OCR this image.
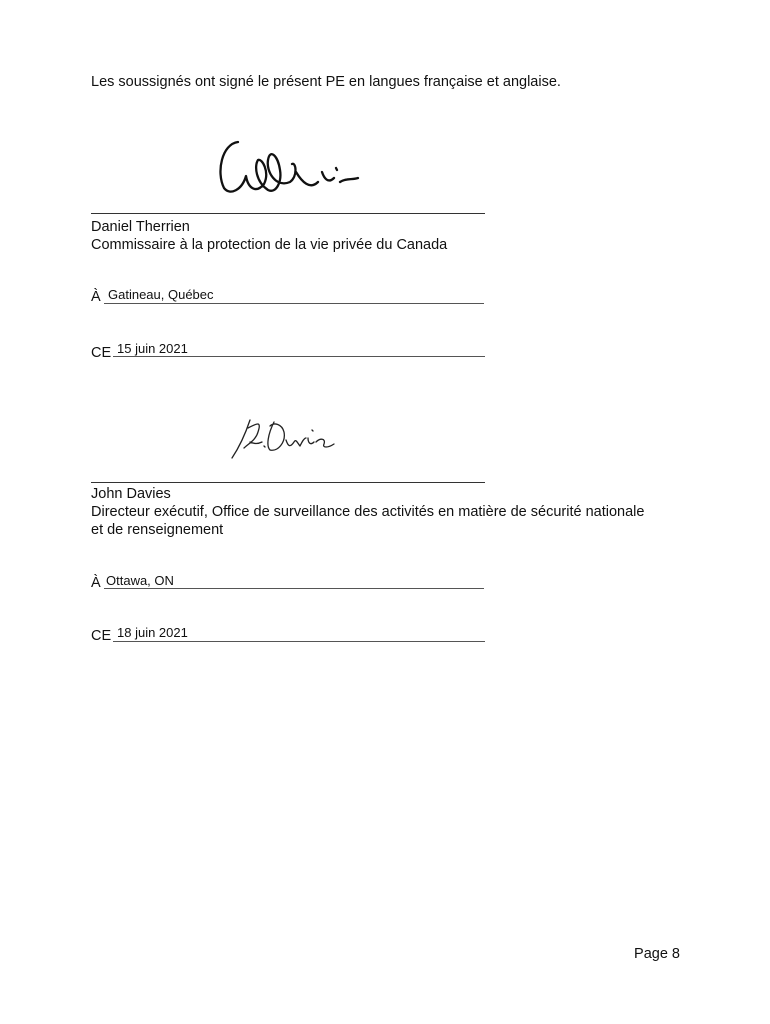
Les soussignés ont signé le présent PE en langues française et anglaise.
Daniel Therrien
Commissaire à la protection de la vie privée du Canada
À Gatineau, Québec
CE 15 juin 2021
John Davies
Directeur exécutif, Office de surveillance des activités en matière de sécurité nationale
et de renseignement
À Ottawa, ON
CE 18 juin 2021
Page 8
